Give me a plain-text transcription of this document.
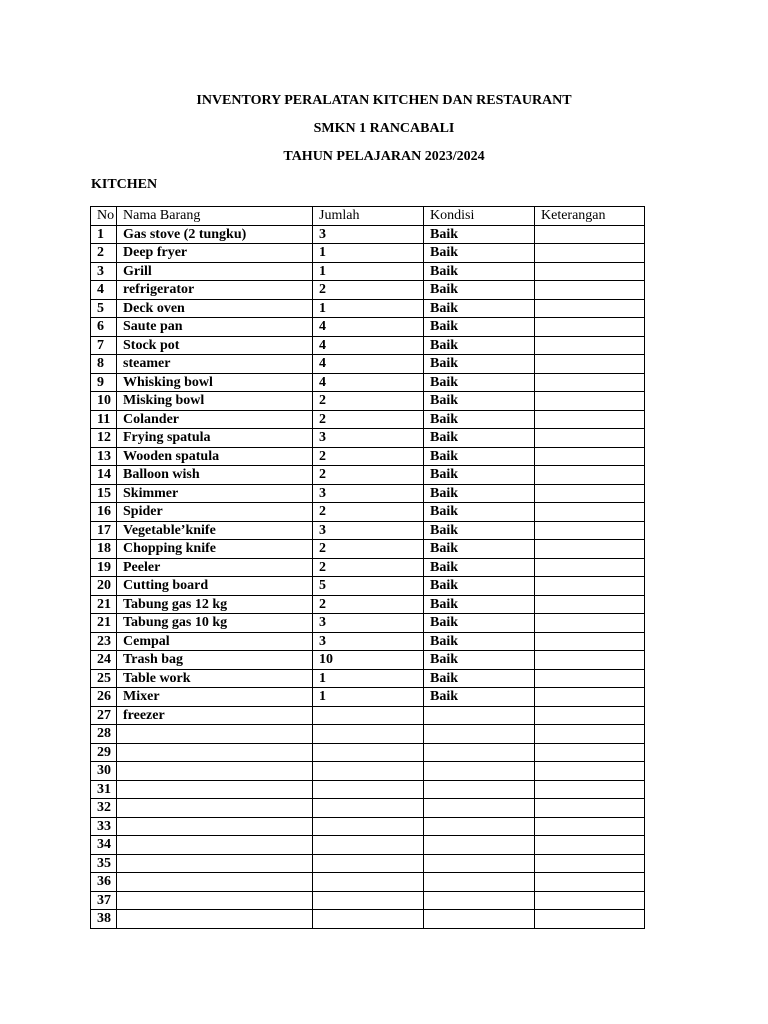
INVENTORY PERALATAN KITCHEN DAN RESTAURANT
SMKN 1 RANCABALI
TAHUN PELAJARAN 2023/2024
KITCHEN
No	Nama Barang	Jumlah	Kondisi	Keterangan
1	Gas stove (2 tungku)	3	Baik	
2	Deep fryer	1	Baik	
3	Grill	1	Baik	
4	refrigerator	2	Baik	
5	Deck oven	1	Baik	
6	Saute pan	4	Baik	
7	Stock pot	4	Baik	
8	steamer	4	Baik	
9	Whisking bowl	4	Baik	
10	Misking bowl	2	Baik	
11	Colander	2	Baik	
12	Frying spatula	3	Baik	
13	Wooden spatula	2	Baik	
14	Balloon wish	2	Baik	
15	Skimmer	3	Baik	
16	Spider	2	Baik	
17	Vegetable’knife	3	Baik	
18	Chopping knife	2	Baik	
19	Peeler	2	Baik	
20	Cutting board	5	Baik	
21	Tabung gas 12 kg	2	Baik	
21	Tabung gas 10 kg	3	Baik	
23	Cempal	3	Baik	
24	Trash bag	10	Baik	
25	Table work	1	Baik	
26	Mixer	1	Baik	
27	freezer			
28				
29				
30				
31				
32				
33				
34				
35				
36				
37				
38				
